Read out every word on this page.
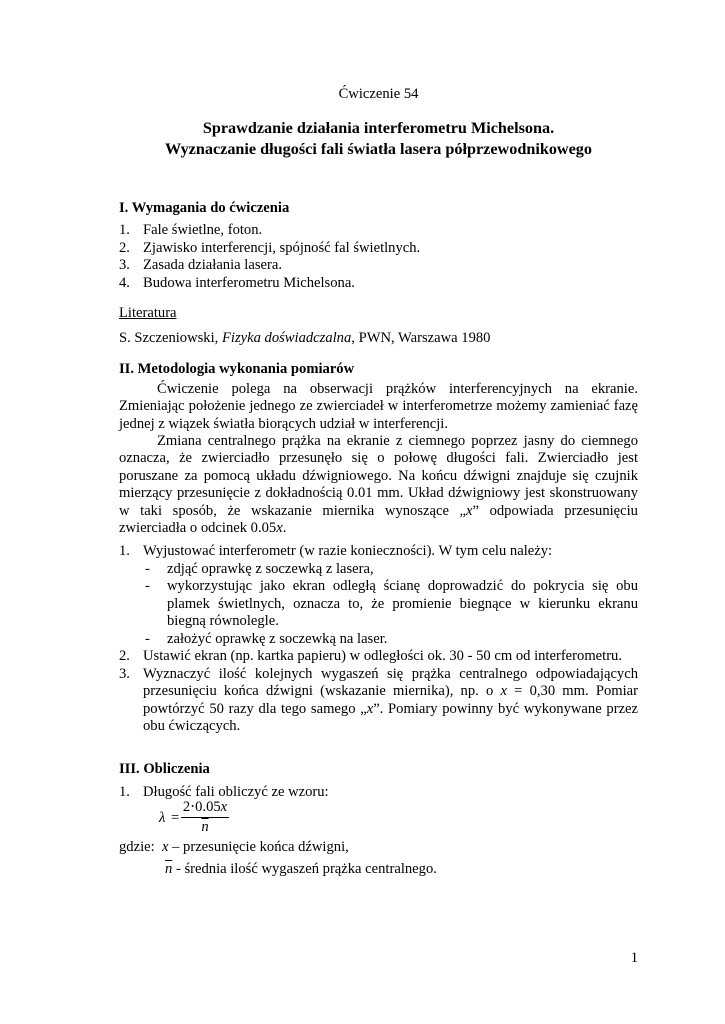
Ćwiczenie 54
Sprawdzanie działania interferometru Michelsona.
Wyznaczanie długości fali światła lasera półprzewodnikowego
I. Wymagania do ćwiczenia
1. Fale świetlne, foton.
2. Zjawisko interferencji, spójność fal świetlnych.
3. Zasada działania lasera.
4. Budowa interferometru Michelsona.
Literatura
S. Szczeniowski, Fizyka doświadczalna, PWN, Warszawa 1980
II. Metodologia wykonania pomiarów

Ćwiczenie polega na obserwacji prążków interferencyjnych na ekranie. Zmieniając położenie jednego ze zwierciadeł w interferometrze możemy zamieniać fazę jednej z wiązek światła biorących udział w interferencji.

Zmiana centralnego prążka na ekranie z ciemnego poprzez jasny do ciemnego oznacza, że zwierciadło przesunęło się o połowę długości fali. Zwierciadło jest poruszane za pomocą układu dźwigniowego. Na końcu dźwigni znajduje się czujnik mierzący przesunięcie z dokładnością 0.01 mm. Układ dźwigniowy jest skonstruowany w taki sposób, że wskazanie miernika wynoszące „x” odpowiada przesunięciu zwierciadła o odcinek 0.05x.

1. Wyjustować interferometr (w razie konieczności). W tym celu należy:
- zdjąć oprawkę z soczewką z lasera,
- wykorzystując jako ekran odległą ścianę doprowadzić do pokrycia się obu plamek świetlnych, oznacza to, że promienie biegnące w kierunku ekranu biegną równolegle.
- założyć oprawkę z soczewką na laser.
2. Ustawić ekran (np. kartka papieru) w odległości ok. 30 - 50 cm od interferometru.
3. Wyznaczyć ilość kolejnych wygaszeń się prążka centralnego odpowiadających przesunięciu końca dźwigni (wskazanie miernika), np. o x = 0,30 mm. Pomiar powtórzyć 50 razy dla tego samego „x”. Pomiary powinny być wykonywane przez obu ćwiczących.
III. Obliczenia
1. Długość fali obliczyć ze wzoru:
λ =
2⋅0.05x
$\overline{n}$
gdzie: x – przesunięcie końca dźwigni,
$\overline{n}$ - średnia ilość wygaszeń prążka centralnego.
1
